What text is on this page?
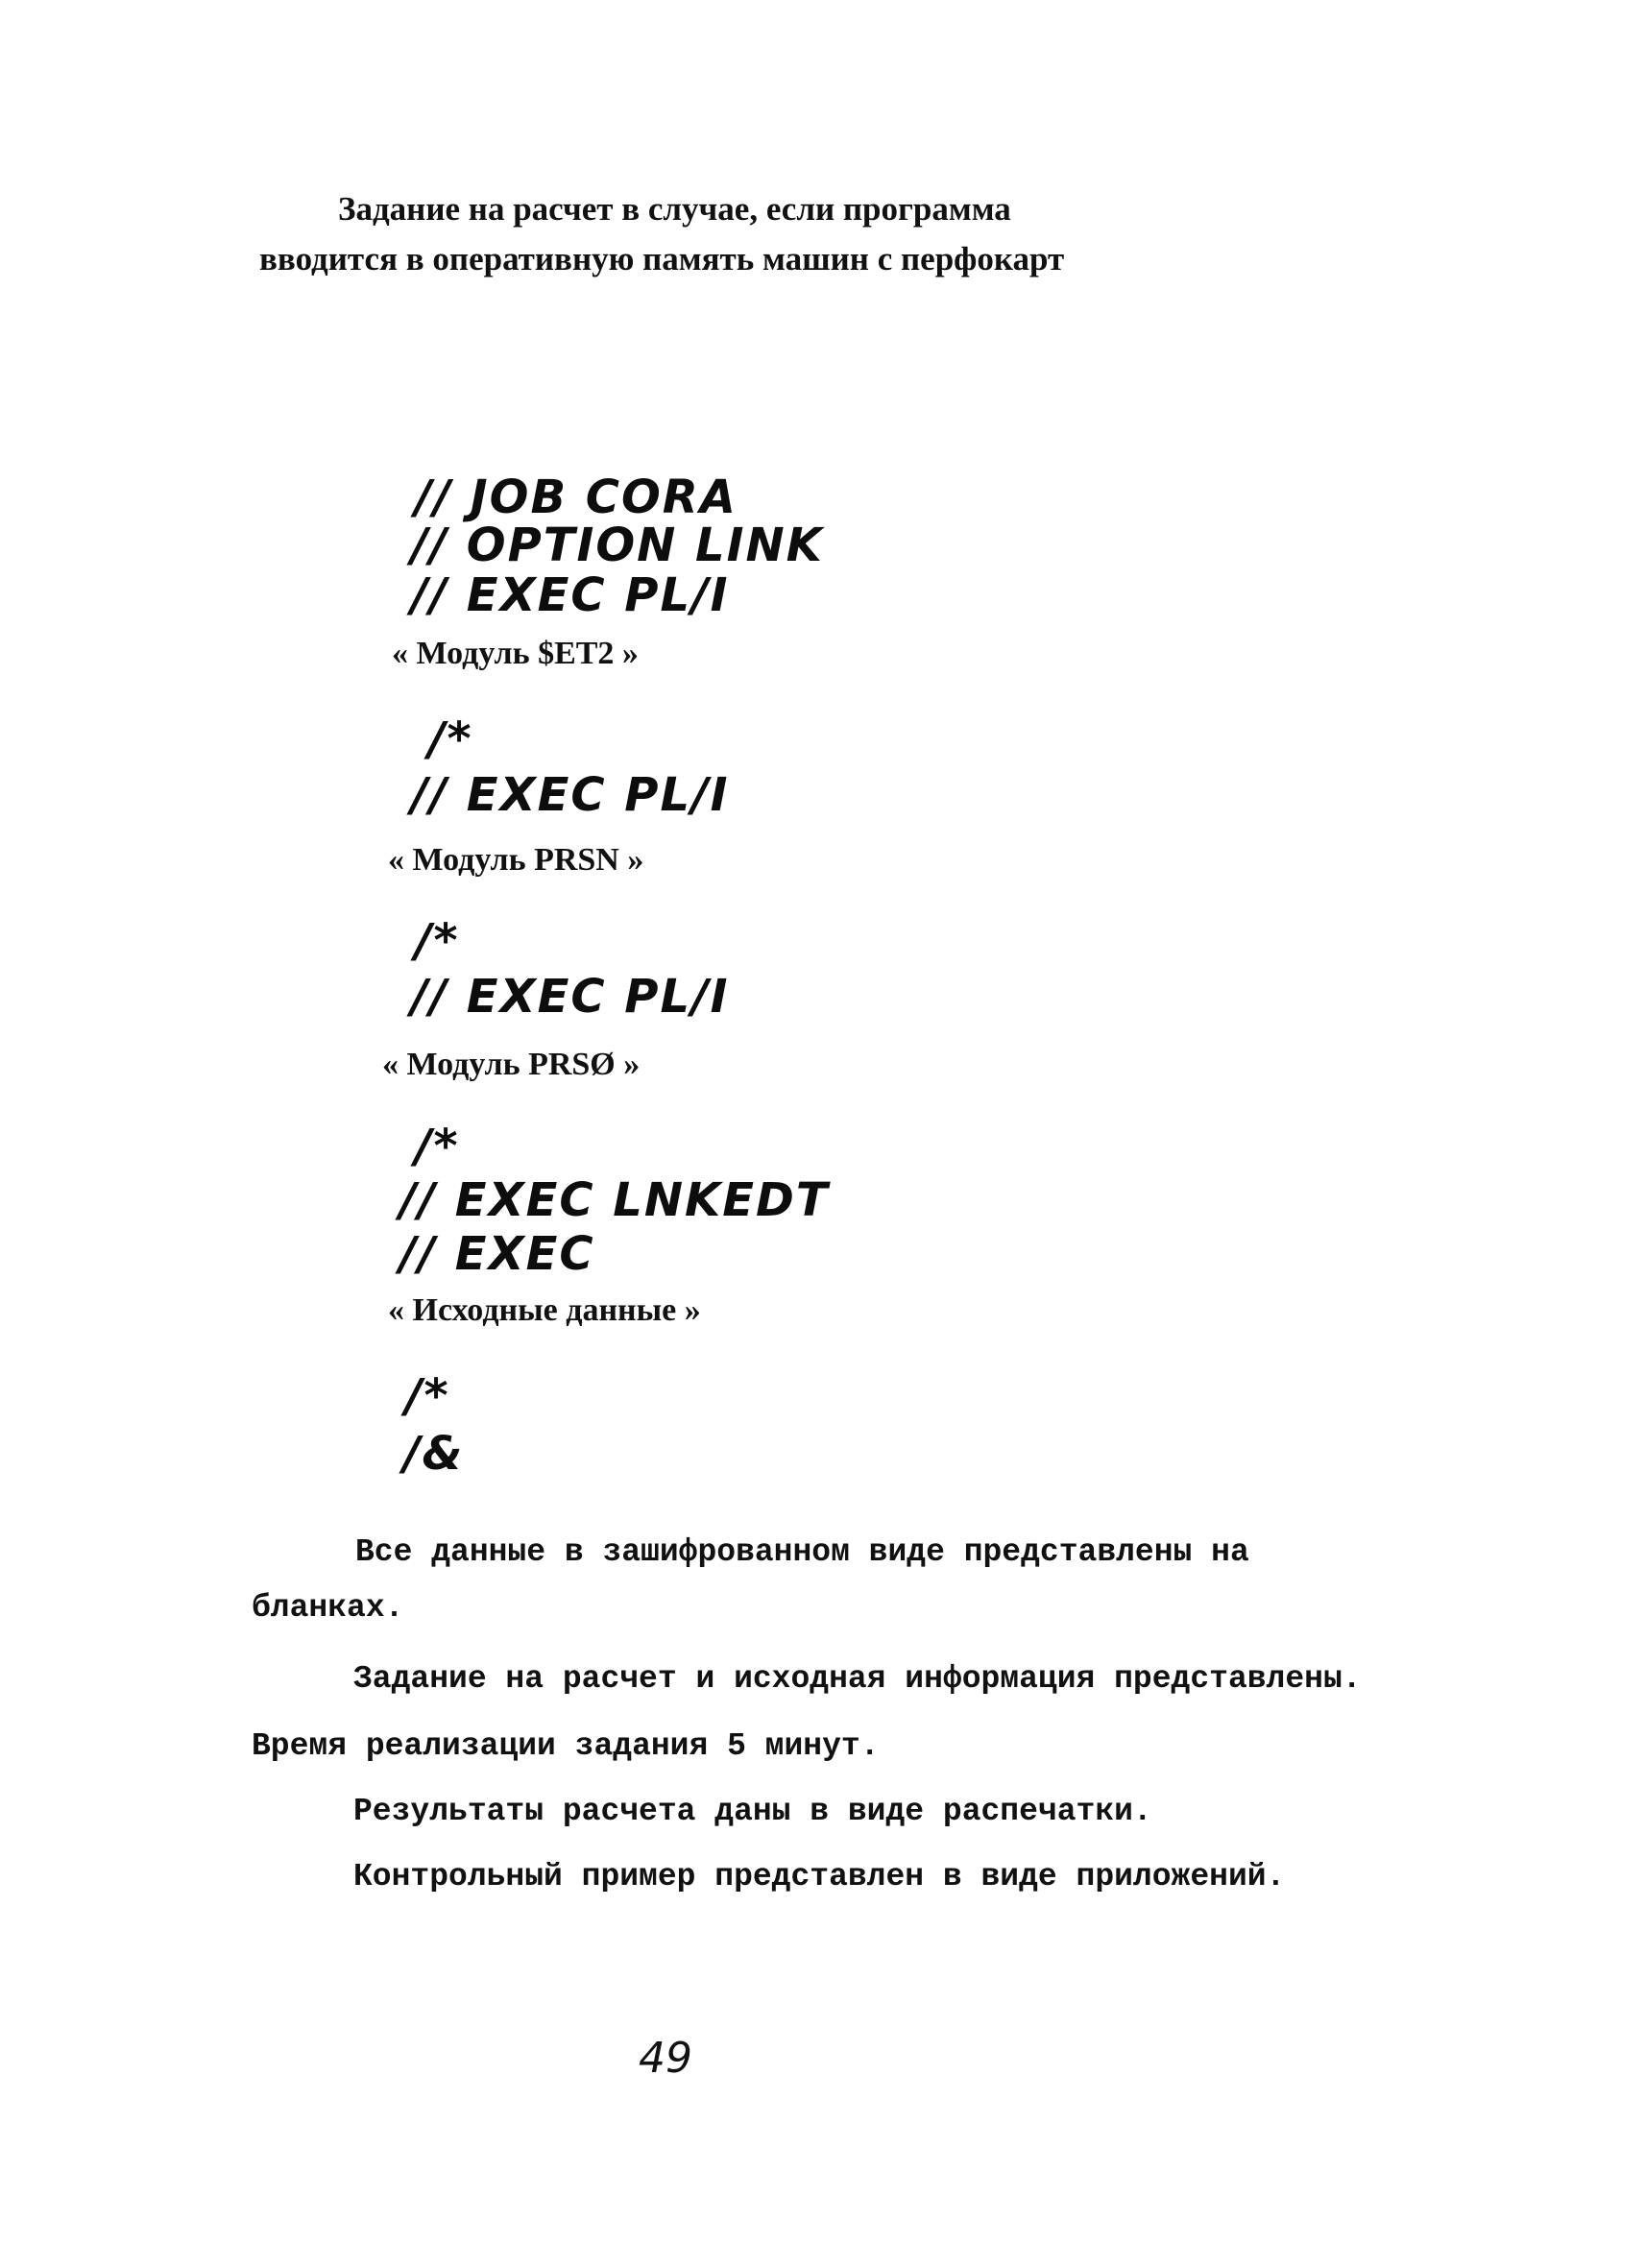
Задание на расчет в случае, если программа
вводится в оперативную память машин с перфокарт
// JOB CORA
// OPTION LINK
// EXEC PL/I
« Модуль $ET2 »
/*
// EXEC PL/I
« Модуль PRSN »
/*
// EXEC PL/I
« Модуль PRSØ »
/*
// EXEC LNKEDT
// EXEC
« Исходные данные »
/*
/&
Все данные в зашифрованном виде представлены на
бланках.
Задание на расчет и исходная информация представлены.
Время реализации задания 5 минут.
Результаты расчета даны в виде распечатки.
Контрольный пример представлен в виде приложений.
49
